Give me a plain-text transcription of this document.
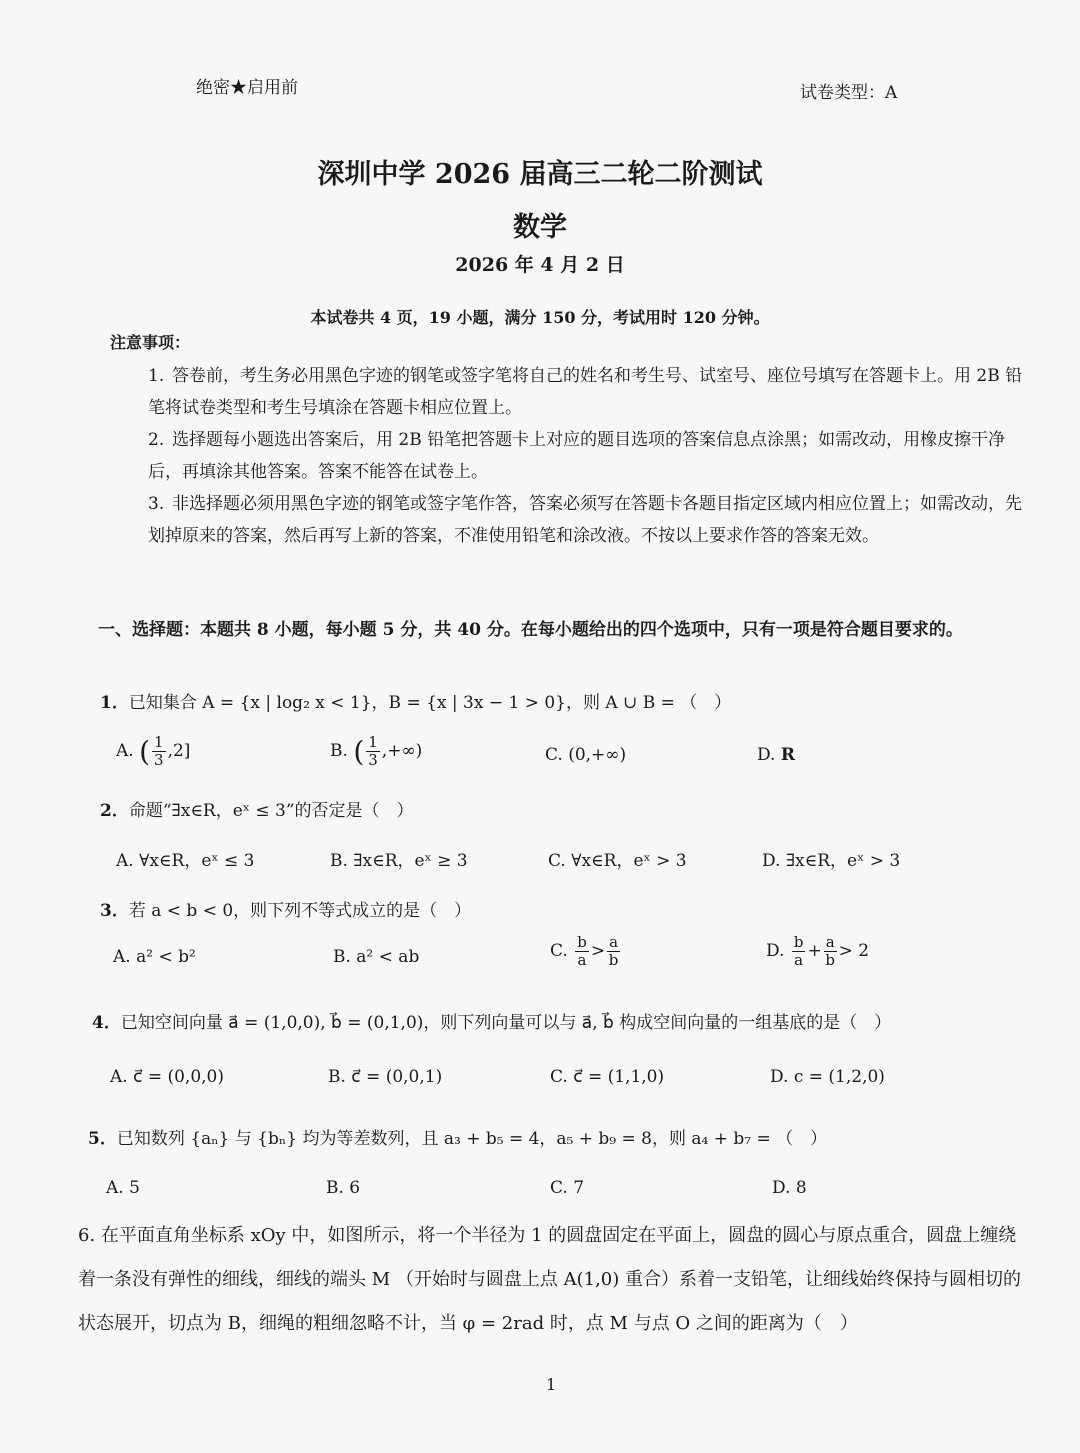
绝密★启用前	试卷类型：A
深圳中学 2026 届高三二轮二阶测试
数学
2026 年 4 月 2 日
本试卷共 4 页，19 小题，满分 150 分，考试用时 120 分钟。
注意事项：
1. 答卷前，考生务必用黑色字迹的钢笔或签字笔将自己的姓名和考生号、试室号、座位号填写在答题卡上。用 2B 铅笔将试卷类型和考生号填涂在答题卡相应位置上。
2. 选择题每小题选出答案后，用 2B 铅笔把答题卡上对应的题目选项的答案信息点涂黑；如需改动，用橡皮擦干净后，再填涂其他答案。答案不能答在试卷上。
3. 非选择题必须用黑色字迹的钢笔或签字笔作答，答案必须写在答题卡各题目指定区域内相应位置上；如需改动，先划掉原来的答案，然后再写上新的答案，不准使用铅笔和涂改液。不按以上要求作答的答案无效。
一、选择题：本题共 8 小题，每小题 5 分，共 40 分。在每小题给出的四个选项中，只有一项是符合题目要求的。
1．已知集合 A = {x | log₂ x < 1}，B = {x | 3x − 1 > 0}，则 A ∪ B = （　）
A. ( $\frac{1}{3} ,2$]	B. ( $\frac{1}{3}$ ,+∞)	C. (0,+∞)	D. R
2．命题“∃x∈R，eˣ ≤ 3”的否定是（　）
A. ∀x∈R，eˣ ≤ 3	B. ∃x∈R，eˣ ≥ 3	C. ∀x∈R，eˣ > 3	D. ∃x∈R，eˣ > 3
3．若 a < b < 0，则下列不等式成立的是（　）
A. a² < b²	B. a² < ab	C. $\frac{b}{a} > \frac{a}{b}$	D. $\frac{b}{a} + \frac{a}{b} > 2$
4．已知空间向量 a⃗ = (1,0,0), b⃗ = (0,1,0)，则下列向量可以与 a⃗, b⃗ 构成空间向量的一组基底的是（　）
A. c⃗ = (0,0,0)	B. c⃗ = (0,0,1)	C. c⃗ = (1,1,0)	D. c = (1,2,0)
5．已知数列 {aₙ} 与 {bₙ} 均为等差数列，且 a₃ + b₅ = 4，a₅ + b₉ = 8，则 a₄ + b₇ = （　）
A. 5	B. 6	C. 7	D. 8
6. 在平面直角坐标系 xOy 中，如图所示，将一个半径为 1 的圆盘固定在平面上，圆盘的圆心与原点重合，圆盘上缠绕着一条没有弹性的细线，细线的端头 M （开始时与圆盘上点 A(1,0) 重合）系着一支铅笔，让细线始终保持与圆相切的状态展开，切点为 B，细绳的粗细忽略不计，当 φ = 2rad 时，点 M 与点 O 之间的距离为（　）
1
